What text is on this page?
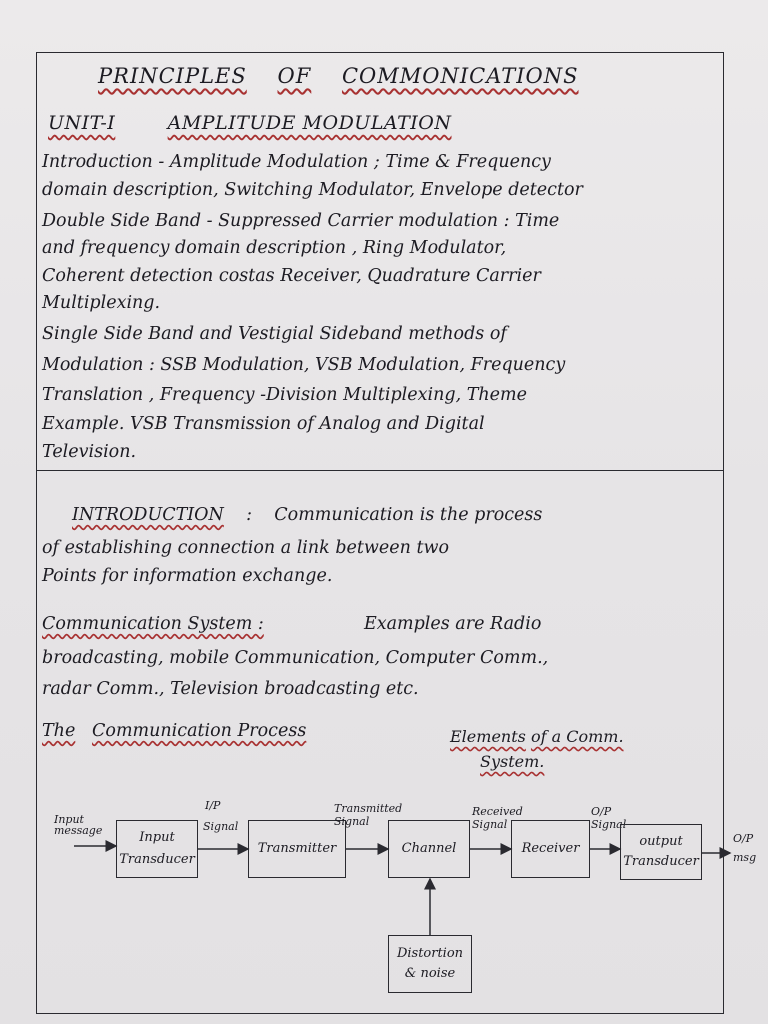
PRINCIPLES OF COMMONICATIONS
UNIT-I	AMPLITUDE MODULATION
Introduction - Amplitude Modulation ; Time & Frequency
domain description, Switching Modulator, Envelope detector
Double Side Band - Suppressed Carrier modulation : Time
and frequency domain description , Ring Modulator,
Coherent detection costas Receiver, Quadrature Carrier
Multiplexing.
Single Side Band and Vestigial Sideband methods of
Modulation : SSB Modulation, VSB Modulation, Frequency
Translation , Frequency -Division Multiplexing, Theme
Example. VSB Transmission of Analog and Digital
Television.
INTRODUCTION : Communication is the process
of establishing connection a link between two
Points for information exchange.
Communication System :	Examples are Radio
broadcasting, mobile Communication, Computer Comm.,
radar Comm., Television broadcasting etc.
The Communication Process	Elements of a Comm.
System.
Input
message	Input
Transducer
I/P
Signal
Transmitter
Transmitted
Signal
Channel
Received
Signal
Receiver
O/P
Signal
output
Transducer
O/P
msg
Distortion
& noise
